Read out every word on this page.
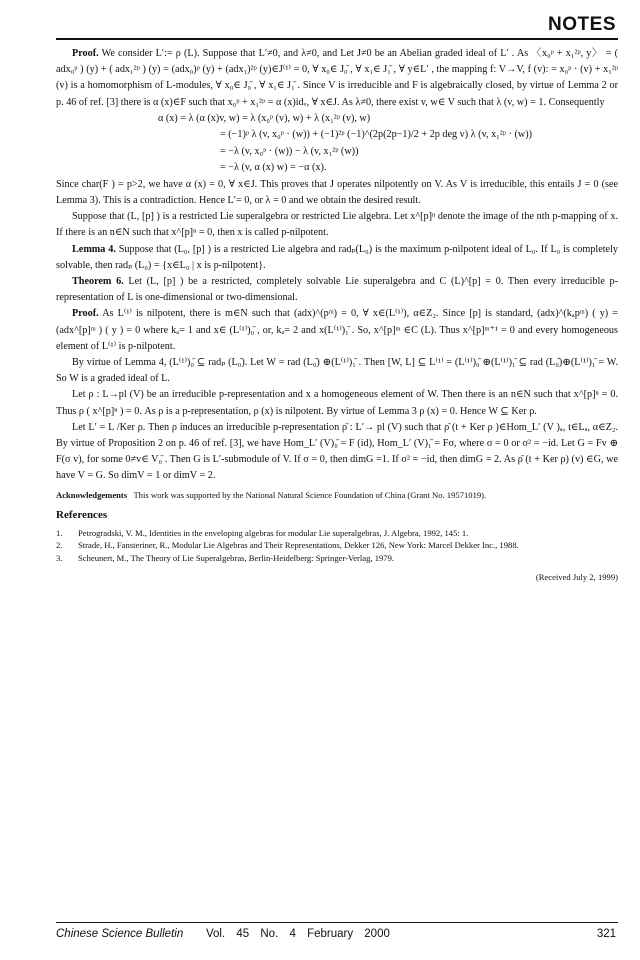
NOTES

Proof. We consider L′:= ρ (L). Suppose that L′≠0, and λ≠0, and Let J≠0 be an Abelian graded ideal of L′ . As 〈x₀ᵖ + x₁²ᵖ, y〉 = ( adx₀ᵖ ) (y) + ( adx₁²ᵖ ) (y) = (adx₀)ᵖ (y) + (adx₁)²ᵖ (y)∈J⁽¹⁾ = 0, ∀ x₀∈ J₀̄ , ∀ x₁∈ J₁̄ , ∀ y∈L′ , the mapping f: V→V, f (v): = x₀ᵖ · (v) + x₁²ᵖ (v) is a homomorphism of L-modules, ∀ x₀∈ J₀̄ , ∀ x₁∈ J₁̄ . Since V is irreducible and F is algebraically closed, by virtue of Lemma 2 or p. 46 of ref. [3] there is α (x)∈F such that x₀ᵖ + x₁²ᵖ = α (x)idᵥ, ∀ x∈J. As λ≠0, there exist v, w∈ V such that λ (v, w) = 1. Consequently

α (x) = λ (α (x)v, w) = λ (x₀ᵖ (v), w) + λ (x₁²ᵖ (v), w)
= (−1)ᵖ λ (v, x₀ᵖ · (w)) + (−1)²ᵖ (−1)^(2p(2p−1)/2 + 2p deg v) λ (v, x₁²ᵖ · (w))
= −λ (v, x₀ᵖ · (w)) − λ (v, x₁²ᵖ (w))
= −λ (v, α (x) w) = −α (x).

Since char(F ) = p>2, we have α (x) = 0, ∀ x∈J. This proves that J operates nilpotently on V. As V is irreducible, this entails J = 0 (see Lemma 3). This is a contradiction. Hence L′= 0, or λ = 0 and we obtain the desired result.

Suppose that (L, [p] ) is a restricted Lie superalgebra or restricted Lie algebra. Let x^[p]ⁿ denote the image of the nth p-mapping of x. If there is an n∈N such that x^[p]ⁿ = 0, then x is called p-nilpotent.

Lemma 4. Suppose that (L₀, [p] ) is a restricted Lie algebra and radₚ(L₀) is the maximum p-nilpotent ideal of L₀. If L₀ is completely solvable, then radₚ (L₀) = {x∈L₀ | x is p-nilpotent}.

Theorem 6. Let (L, [p] ) be a restricted, completely solvable Lie superalgebra and C (L)^[p] = 0. Then every irreducible p-representation of L is one-dimensional or two-dimensional.

Proof. As L⁽¹⁾ is nilpotent, there is m∈N such that (adx)^(pᵐ) = 0, ∀ x∈(L⁽¹⁾), α∈Z₂. Since [p] is standard, (adx)^(kₐpᵐ) ( y) = (adx^[p]ᵐ ) ( y ) = 0 where kₐ= 1 and x∈ (L⁽¹⁾)₀̄ , or, kₐ= 2 and x(L⁽¹⁾)₁̄ . So, x^[p]ᵐ ∈C (L). Thus x^[p]ᵐ⁺¹ = 0 and every homogeneous element of L⁽¹⁾ is p-nilpotent.

By virtue of Lemma 4, (L⁽¹⁾)₀̄ ⊆ radₚ (L₀̄). Let W = rad (L₀̄) ⊕(L⁽¹⁾)₁̄ . Then [W, L] ⊆ L⁽¹⁾ = (L⁽¹⁾)₀̄ ⊕(L⁽¹⁾)₁̄ ⊆ rad (L₀̄)⊕(L⁽¹⁾)₁̄ = W. So W is a graded ideal of L.

Let ρ : L→pl (V) be an irreducible p-representation and x a homogeneous element of W. Then there is an n∈N such that x^[p]ⁿ = 0. Thus ρ ( x^[p]ⁿ ) = 0. As ρ is a p-representation, ρ (x) is nilpotent. By virtue of Lemma 3 ρ (x) = 0. Hence W ⊆ Ker ρ.

Let L′ = L /Ker ρ. Then ρ induces an irreducible p-representation ρ̄ : L′→ pl (V) such that ρ̄ (t + Ker ρ )∈Hom_L′ (V )ₐ, t∈Lₐ, α∈Z₂. By virtue of Proposition 2 on p. 46 of ref. [3], we have Hom_L′ (V)₀̄ = F (id), Hom_L′ (V)₁̄ = Fσ, where σ = 0 or σ² = −id. Let G = Fv ⊕ F(σ v), for some 0≠v∈ V₀̄ . Then G is L′-submodule of V. If σ = 0, then dimG =1. If σ² = −id, then dimG = 2. As ρ̄ (t + Ker ρ) (v) ∈G, we have V = G. So dimV = 1 or dimV = 2.

Acknowledgements This work was supported by the National Natural Science Foundation of China (Grant No. 19571019).

References

1. Petrogradski, V. M., Identities in the enveloping algebras for modular Lie superalgebras, J. Algebra, 1992, 145: 1.
2. Strade, H., Fansteriner, R., Modular Lie Algebras and Their Representations, Dekker 126, New York: Marcel Dekker Inc., 1988.
3. Scheunert, M., The Theory of Lie Superalgebras, Berlin-Heidelberg: Springer-Verlag, 1979.

(Received July 2, 1999)

Chinese Science Bulletin Vol. 45 No. 4 February 2000	321
